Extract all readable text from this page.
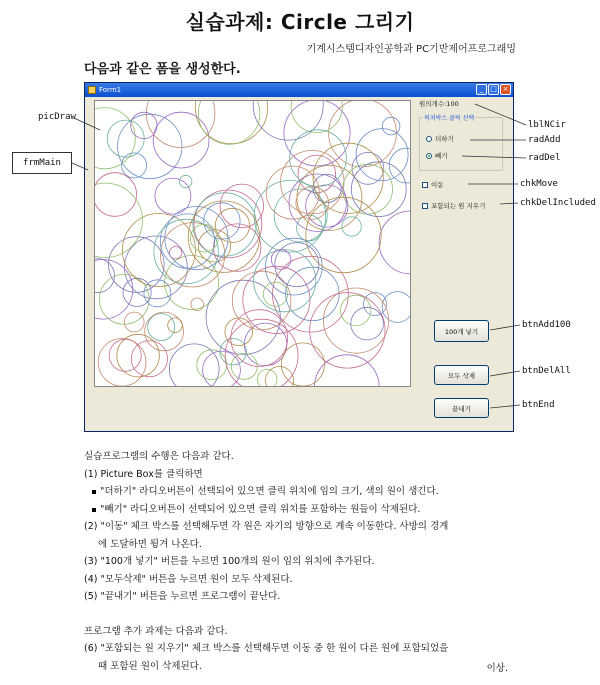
실습과제: Circle 그리기
기계시스템디자인공학과 PC기반제어프로그래밍
다음과 같은 폼을 생성한다.
picDraw
frmMain
lblNCir
radAdd
radDel
chkMove
chkDelIncluded
btnAdd100
btnDelAll
btnEnd
Form1	_ □ ×
원의개수:100
픽쳐박스 클릭 선택
더하기
빼기
이동
포함되는 원 지우기
100개 넣기
모두 삭제
끝내기

실습프로그램의 수행은 다음과 같다.

(1) Picture Box를 클릭하면

"더하기" 라디오버튼이 선택되어 있으면 클릭 위치에 임의 크기, 색의 원이 생긴다.

"빼기" 라디오버튼이 선택되어 있으면 클릭 위치를 포함하는 원들이 삭제된다.

(2) "이동" 체크 박스를 선택해두면 각 원은 자기의 방향으로 계속 이동한다. 사방의 경계

에 도달하면 튕겨 나온다.

(3) "100개 넣기" 버튼을 누르면 100개의 원이 임의 위치에 추가된다.

(4) "모두삭제" 버튼을 누르면 원이 모두 삭제된다.

(5) "끝내기" 버튼을 누르면 프로그램이 끝난다.

프로그램 추가 과제는 다음과 같다.

(6) "포함되는 원 지우기" 체크 박스를 선택해두면 이동 중 한 원이 다른 원에 포함되었을

때 포함된 원이 삭제된다.	이상.
